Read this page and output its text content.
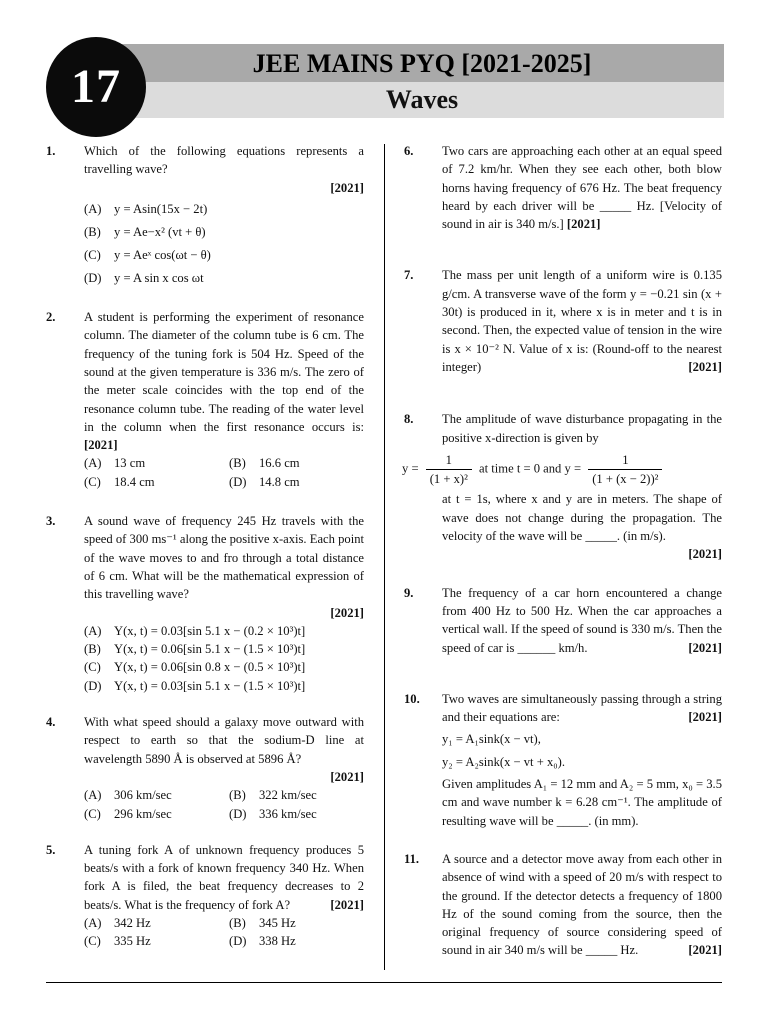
JEE MAINS PYQ [2021-2025]
Waves
17
1. Which of the following equations represents a travelling wave?
[2021]
(A) y = Asin(15x − 2t)
(B)	y = Ae−x² (vt + θ)
(C)	y = Aeˣ cos(ωt − θ)
(D) y = A sin x cos ωt
2. A student is performing the experiment of resonance column. The diameter of the column tube is 6 cm. The frequency of the tuning fork is 504 Hz. Speed of the sound at the given temperature is 336 m/s. The zero of the meter scale coincides with the top end of the resonance column tube. The reading of the water level in the column when the first resonance occurs is: [2021]
(A) 13 cm	(B)	16.6 cm
(C)	18.4 cm	(D) 14.8 cm
3. A sound wave of frequency 245 Hz travels with the speed of 300 ms⁻¹ along the positive x-axis. Each point of the wave moves to and fro through a total distance of 6 cm. What will be the mathematical expression of this travelling wave?
[2021]
(A) Y(x, t) = 0.03[sin 5.1 x − (0.2 × 10³)t]
(B)	Y(x, t) = 0.06[sin 5.1 x − (1.5 × 10³)t]
(C)	Y(x, t) = 0.06[sin 0.8 x − (0.5 × 10³)t]
(D) Y(x, t) = 0.03[sin 5.1 x − (1.5 × 10³)t]
4. With what speed should a galaxy move outward with respect to earth so that the sodium-D line at wavelength 5890 Å is observed at 5896 Å?
[2021]
(A) 306 km/sec	(B)	322 km/sec
(C)	296 km/sec	(D) 336 km/sec
5. A tuning fork A of unknown frequency produces 5 beats/s with a fork of known frequency 340 Hz. When fork A is filed, the beat frequency decreases to 2 beats/s. What is the frequency of fork A?	[2021]
(A) 342 Hz	(B)	345 Hz
(C)	335 Hz	(D) 338 Hz
6. Two cars are approaching each other at an equal speed of 7.2 km/hr. When they see each other, both blow horns having frequency of 676 Hz. The beat frequency heard by each driver will be _____ Hz. [Velocity of sound in air is 340 m/s.] [2021]
7. The mass per unit length of a uniform wire is 0.135 g/cm. A transverse wave of the form y = −0.21 sin (x + 30t) is produced in it, where x is in meter and t is in second. Then, the expected value of tension in the wire is x × 10⁻² N. Value of x is: (Round-off to the nearest integer)	[2021]
8. The amplitude of wave disturbance propagating in the positive x-direction is given by
$y = \frac{1}{\text{(1 + x)²}}$ at time t = 0 and $y = \frac{1}{\text{(1 + (x − 2))²}}$
at t = 1s, where x and y are in meters. The shape of wave does not change during the propagation. The velocity of the wave will be _____. (in m/s).
[2021]
9. The frequency of a car horn encountered a change from 400 Hz to 500 Hz. When the car approaches a vertical wall. If the speed of sound is 330 m/s. Then the speed of car is ______ km/h.	[2021]
10. Two waves are simultaneously passing through a string and their equations are:	[2021]
y₁ = A₁sink(x − vt),
y₂ = A₂sink(x − vt + x₀).
Given amplitudes A₁ = 12 mm and A₂ = 5 mm, x₀ = 3.5 cm and wave number k = 6.28 cm⁻¹. The amplitude of resulting wave will be _____. (in mm).
11. A source and a detector move away from each other in absence of wind with a speed of 20 m/s with respect to the ground. If the detector detects a frequency of 1800 Hz of the sound coming from the source, then the original frequency of source considering speed of sound in air 340 m/s will be _____ Hz.	[2021]
